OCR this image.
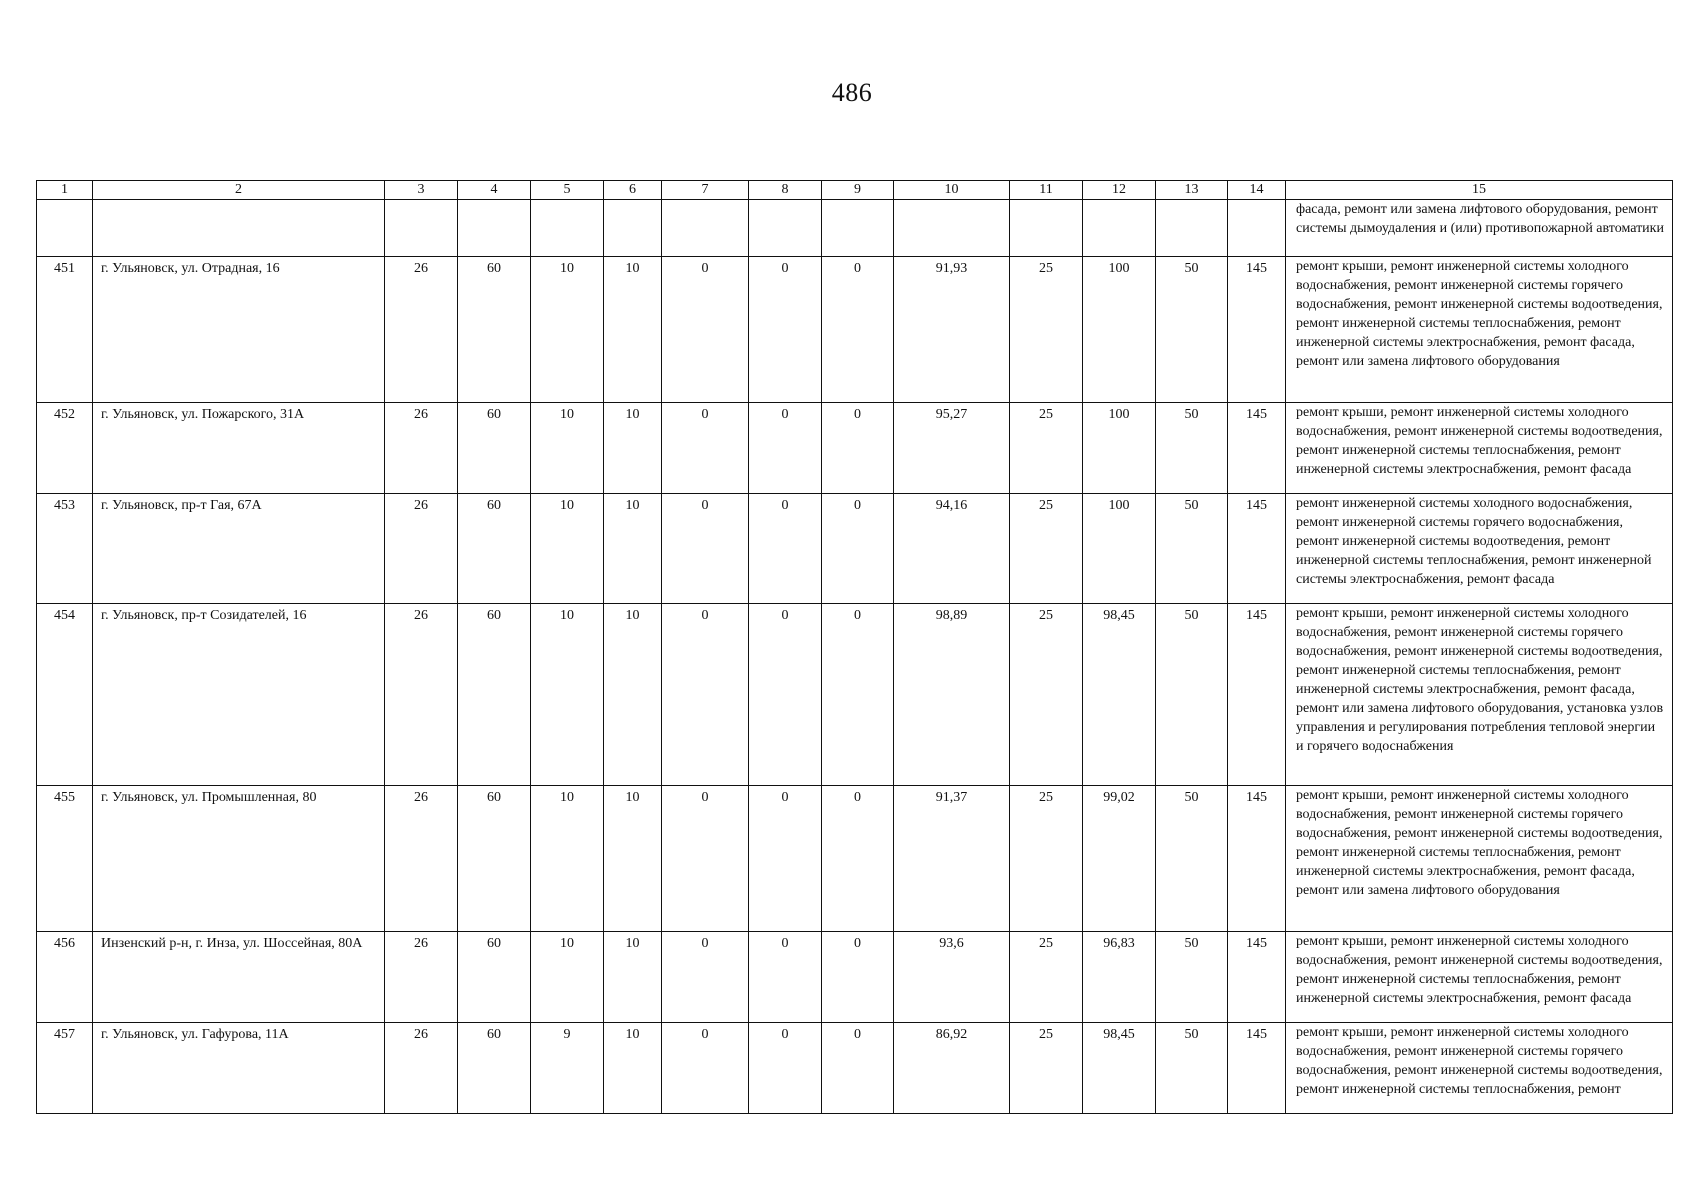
486
1	2	3	4	5	6	7	8	9	10	11	12	13	14	15
														фасада, ремонт или замена лифтового оборудования, ремонт системы дымоудаления и (или) противопожарной автоматики
451	г. Ульяновск, ул. Отрадная, 16	26	60	10	10	0	0	0	91,93	25	100	50	145	ремонт крыши, ремонт инженерной системы холодного водоснабжения, ремонт инженерной системы горячего водоснабжения, ремонт инженерной системы водоотведения, ремонт инженерной системы теплоснабжения, ремонт инженерной системы электроснабжения, ремонт фасада, ремонт или замена лифтового оборудования
452	г. Ульяновск, ул. Пожарского, 31А	26	60	10	10	0	0	0	95,27	25	100	50	145	ремонт крыши, ремонт инженерной системы холодного водоснабжения, ремонт инженерной системы водоотведения, ремонт инженерной системы теплоснабжения, ремонт инженерной системы электроснабжения, ремонт фасада
453	г. Ульяновск, пр-т Гая, 67А	26	60	10	10	0	0	0	94,16	25	100	50	145	ремонт инженерной системы холодного водоснабжения, ремонт инженерной системы горячего водоснабжения, ремонт инженерной системы водоотведения, ремонт инженерной системы теплоснабжения, ремонт инженерной системы электроснабжения, ремонт фасада
454	г. Ульяновск, пр-т Созидателей, 16	26	60	10	10	0	0	0	98,89	25	98,45	50	145	ремонт крыши, ремонт инженерной системы холодного водоснабжения, ремонт инженерной системы горячего водоснабжения, ремонт инженерной системы водоотведения, ремонт инженерной системы теплоснабжения, ремонт инженерной системы электроснабжения, ремонт фасада, ремонт или замена лифтового оборудования, установка узлов управления и регулирования потребления тепловой энергии и горячего водоснабжения
455	г. Ульяновск, ул. Промышленная, 80	26	60	10	10	0	0	0	91,37	25	99,02	50	145	ремонт крыши, ремонт инженерной системы холодного водоснабжения, ремонт инженерной системы горячего водоснабжения, ремонт инженерной системы водоотведения, ремонт инженерной системы теплоснабжения, ремонт инженерной системы электроснабжения, ремонт фасада, ремонт или замена лифтового оборудования
456	Инзенский р-н, г. Инза, ул. Шоссейная, 80А	26	60	10	10	0	0	0	93,6	25	96,83	50	145	ремонт крыши, ремонт инженерной системы холодного водоснабжения, ремонт инженерной системы водоотведения, ремонт инженерной системы теплоснабжения, ремонт инженерной системы электроснабжения, ремонт фасада
457	г. Ульяновск, ул. Гафурова, 11А	26	60	9	10	0	0	0	86,92	25	98,45	50	145	ремонт крыши, ремонт инженерной системы холодного водоснабжения, ремонт инженерной системы горячего водоснабжения, ремонт инженерной системы водоотведения, ремонт инженерной системы теплоснабжения, ремонт
